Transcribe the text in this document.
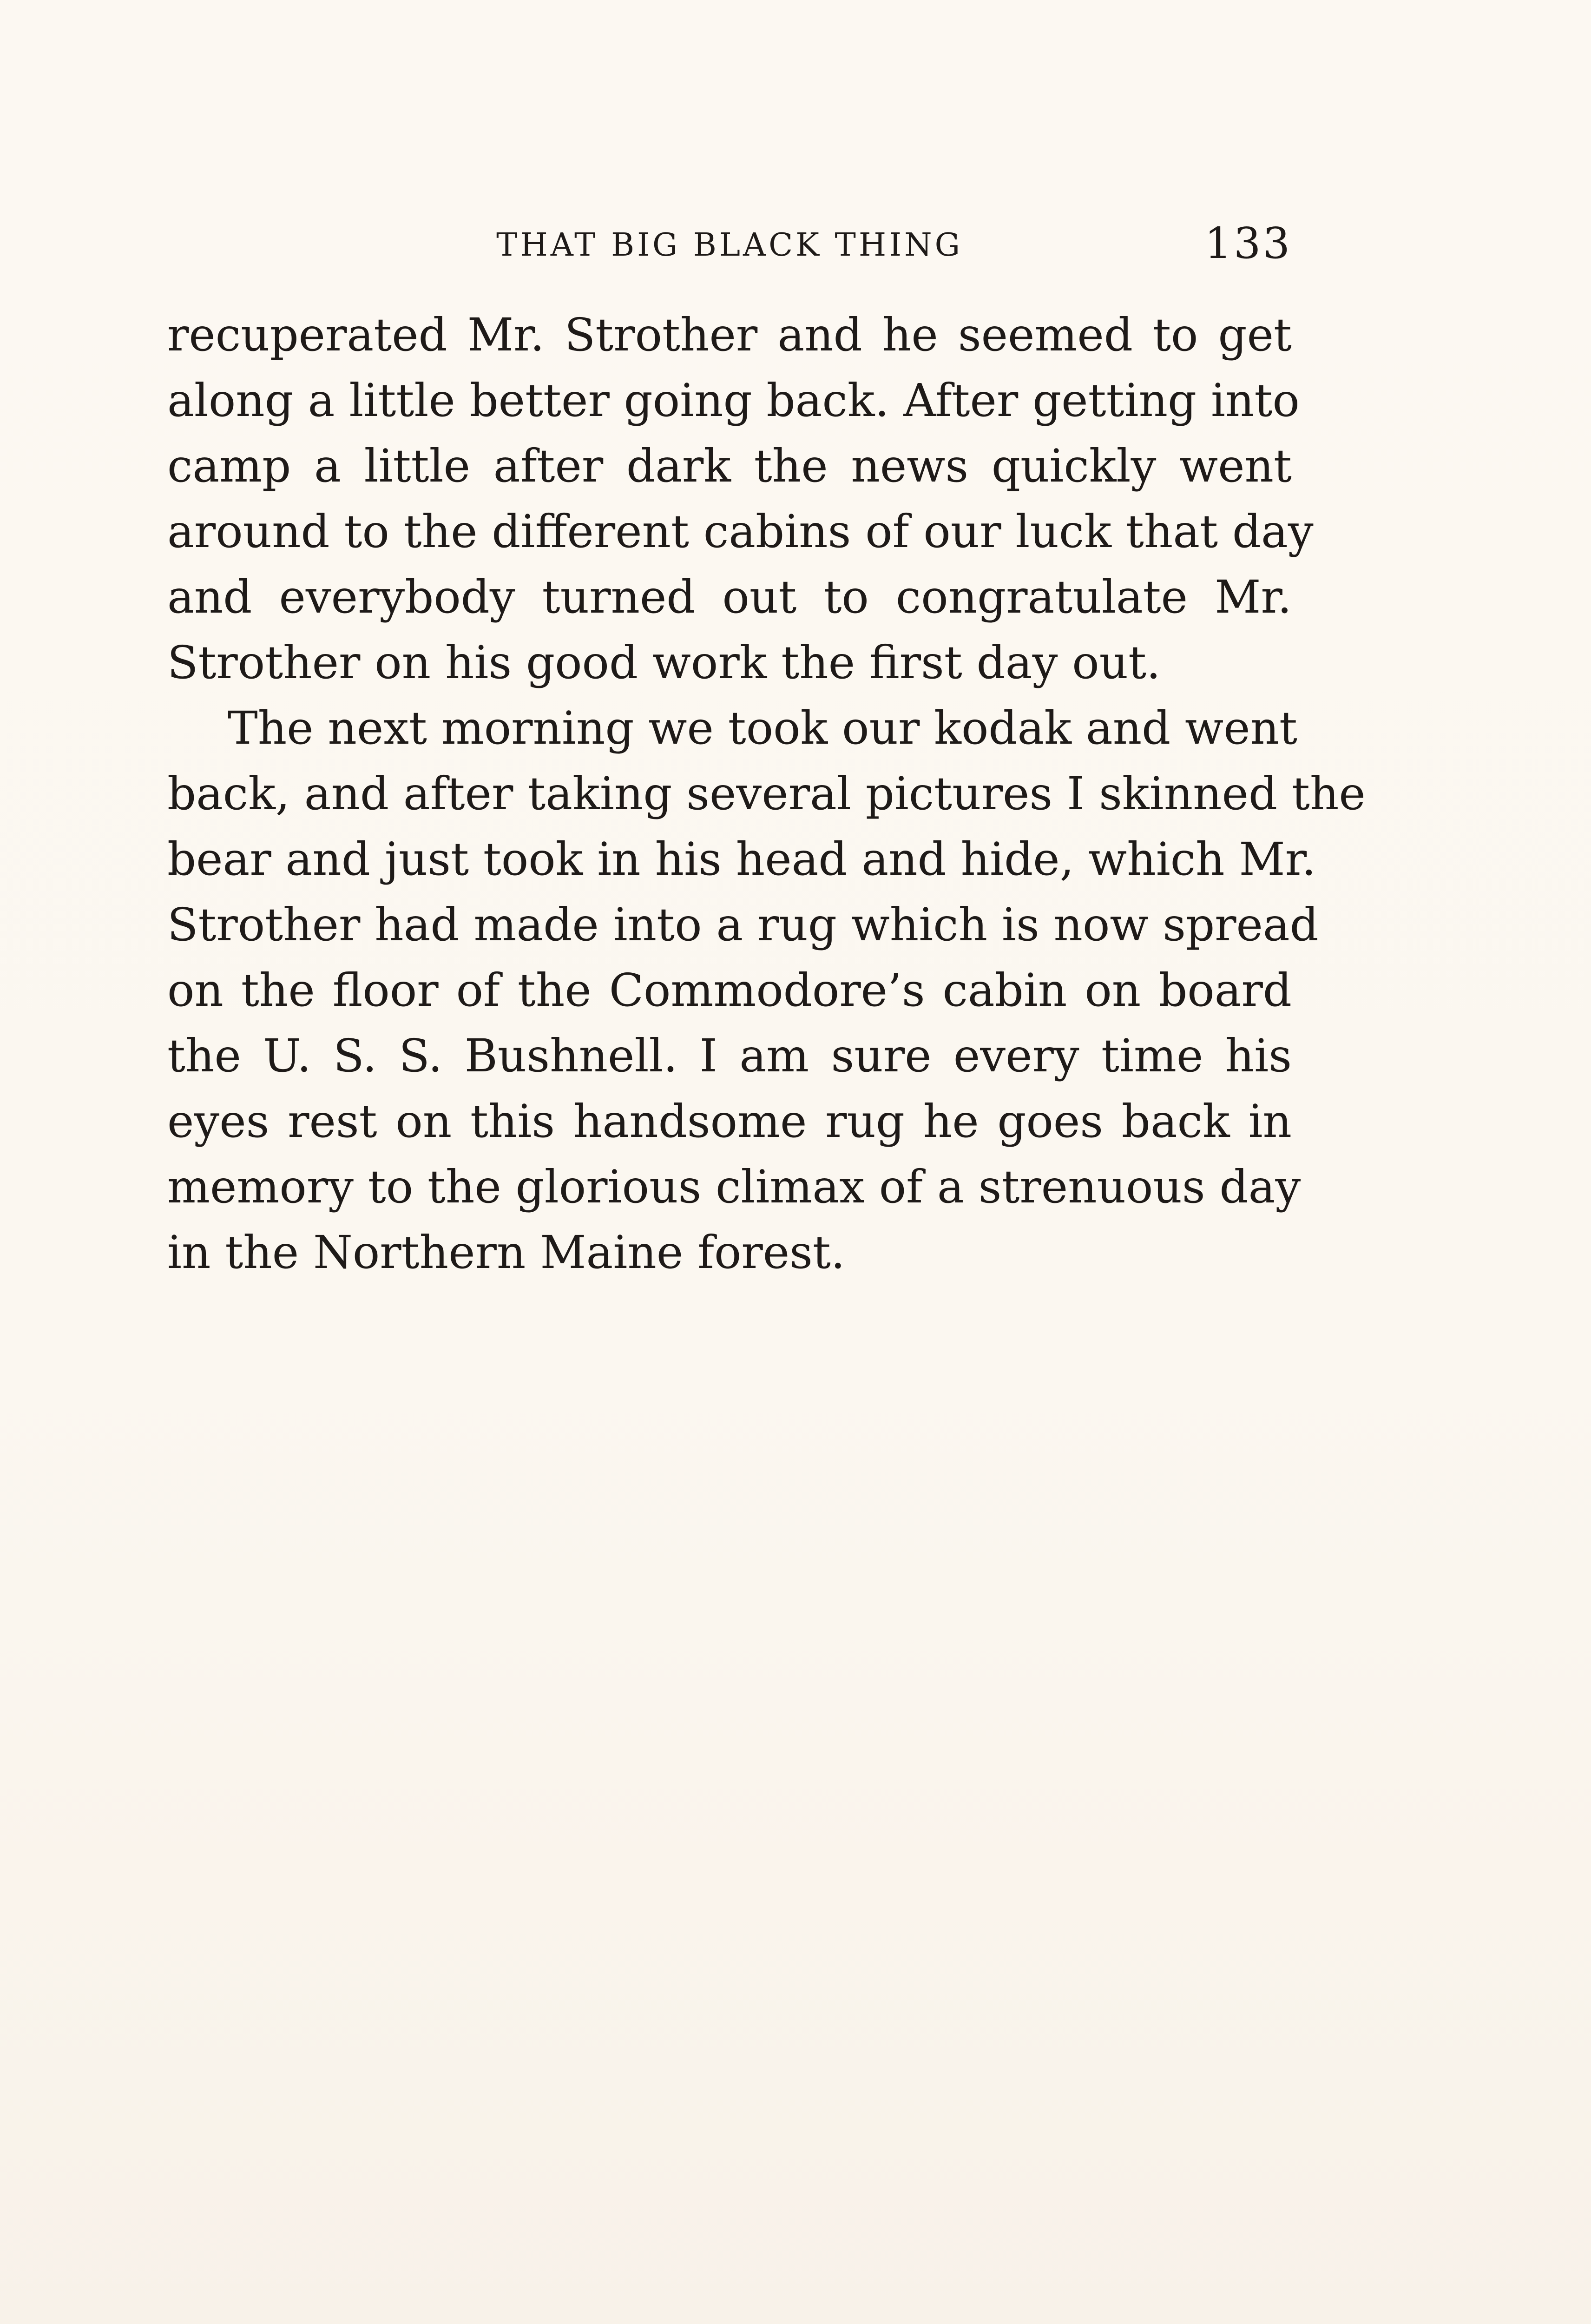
THAT BIG BLACK THING	133

recuperated Mr. Strother and he seemed to get
along a little better going back. After getting into
camp a little after dark the news quickly went
around to the different cabins of our luck that day
and everybody turned out to congratulate Mr.
Strother on his good work the first day out.

The next morning we took our kodak and went
back, and after taking several pictures I skinned the
bear and just took in his head and hide, which Mr.
Strother had made into a rug which is now spread
on the floor of the Commodore’s cabin on board
the U. S. S. Bushnell. I am sure every time his
eyes rest on this handsome rug he goes back in
memory to the glorious climax of a strenuous day
in the Northern Maine forest.
